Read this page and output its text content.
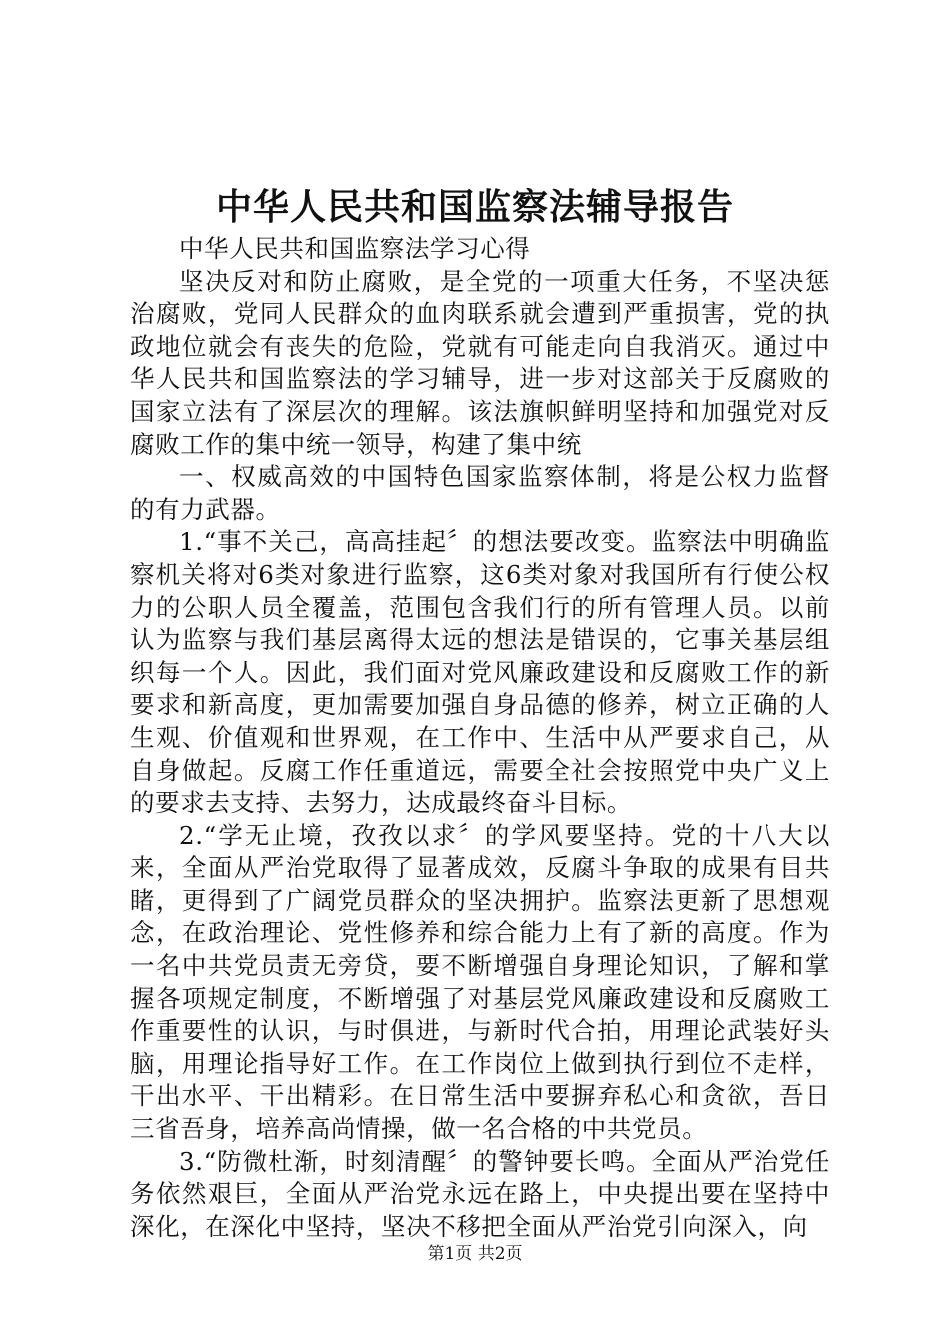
中华人民共和国监察法辅导报告

中华人民共和国监察法学习心得

坚决反对和防止腐败，是全党的一项重大任务，不坚决惩治腐败，党同人民群众的血肉联系就会遭到严重损害，党的执政地位就会有丧失的危险，党就有可能走向自我消灭。通过中华人民共和国监察法的学习辅导，进一步对这部关于反腐败的国家立法有了深层次的理解。该法旗帜鲜明坚持和加强党对反腐败工作的集中统一领导，构建了集中统

一、权威高效的中国特色国家监察体制，将是公权力监督的有力武器。

1.“事不关己，高高挂起〞的想法要改变。监察法中明确监察机关将对6类对象进行监察，这6类对象对我国所有行使公权力的公职人员全覆盖，范围包含我们行的所有管理人员。以前认为监察与我们基层离得太远的想法是错误的，它事关基层组织每一个人。因此，我们面对党风廉政建设和反腐败工作的新要求和新高度，更加需要加强自身品德的修养，树立正确的人生观、价值观和世界观，在工作中、生活中从严要求自己，从自身做起。反腐工作任重道远，需要全社会按照党中央广义上的要求去支持、去努力，达成最终奋斗目标。

2.“学无止境，孜孜以求〞的学风要坚持。党的十八大以来，全面从严治党取得了显著成效，反腐斗争取的成果有目共睹，更得到了广阔党员群众的坚决拥护。监察法更新了思想观念，在政治理论、党性修养和综合能力上有了新的高度。作为一名中共党员责无旁贷，要不断增强自身理论知识，了解和掌握各项规定制度，不断增强了对基层党风廉政建设和反腐败工作重要性的认识，与时俱进，与新时代合拍，用理论武装好头脑，用理论指导好工作。在工作岗位上做到执行到位不走样，干出水平、干出精彩。在日常生活中要摒弃私心和贪欲，吾日三省吾身，培养高尚情操，做一名合格的中共党员。

3.“防微杜渐，时刻清醒〞的警钟要长鸣。全面从严治党任务依然艰巨，全面从严治党永远在路上，中央提出要在坚持中深化，在深化中坚持，坚决不移把全面从严治党引向深入，向

第1页 共2页
